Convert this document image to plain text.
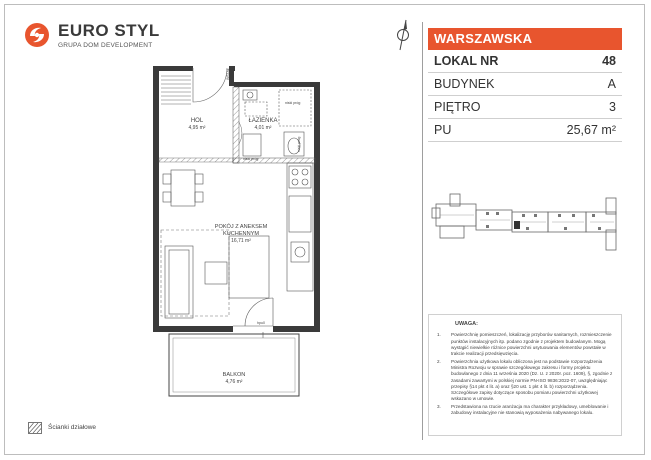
EURO STYL
GRUPA DOM DEVELOPMENT	WARSZAWSKA
LOKAL NR	48
BUDYNEK	A
PIĘTRO	3
PU	25,67 m²
UWAGA:
1. Powierzchnię pomieszczeń, lokalizację przyborów sanitarnych, rozmieszczenie punktów instalacyjnych itp. podano zgodnie z projektem budowlanym. Mogą wystąpić niewielkie różnice powierzchni usytuowania elementów powstałe w trakcie realizacji przedsięwzięcia.
2. Powierzchnia użytkowa lokalu obliczona jest na podstawie rozporządzenia Ministra Rozwoju w sprawie szczegółowego zakresu i formy projektu budowlanego z dnia 11 września 2020 (Dz. U. z 2020r. poz. 1609), §, zgodnie z zasadami zawartymi w polskiej normie PN-ISO 9836:2022-07, uwzględniając przepisy §14 pkt 4 lit. a) oraz §20 ust. 1 pkt 4 lit. b) rozporządzenia. Szczegółowe zapisy dotyczące sposobu pomiaru powierzchni użytkowej wskazano w umowie.
3. Przedstawiona na rzucie aranżacja ma charakter przykładowy, umeblowanie i zabudowy instalacyjne nie stanowią wyposażenia nabywanego lokalu.
HOL
4,95 m²
ŁAZIENKA
4,01 m²
POKÓJ Z ANEKSEM
KUCHENNYM
16,71 m²
BALKON
4,76 m²
niski próg
niski próg
niski próg
INSTAL
hpu0
Ścianki działowe
